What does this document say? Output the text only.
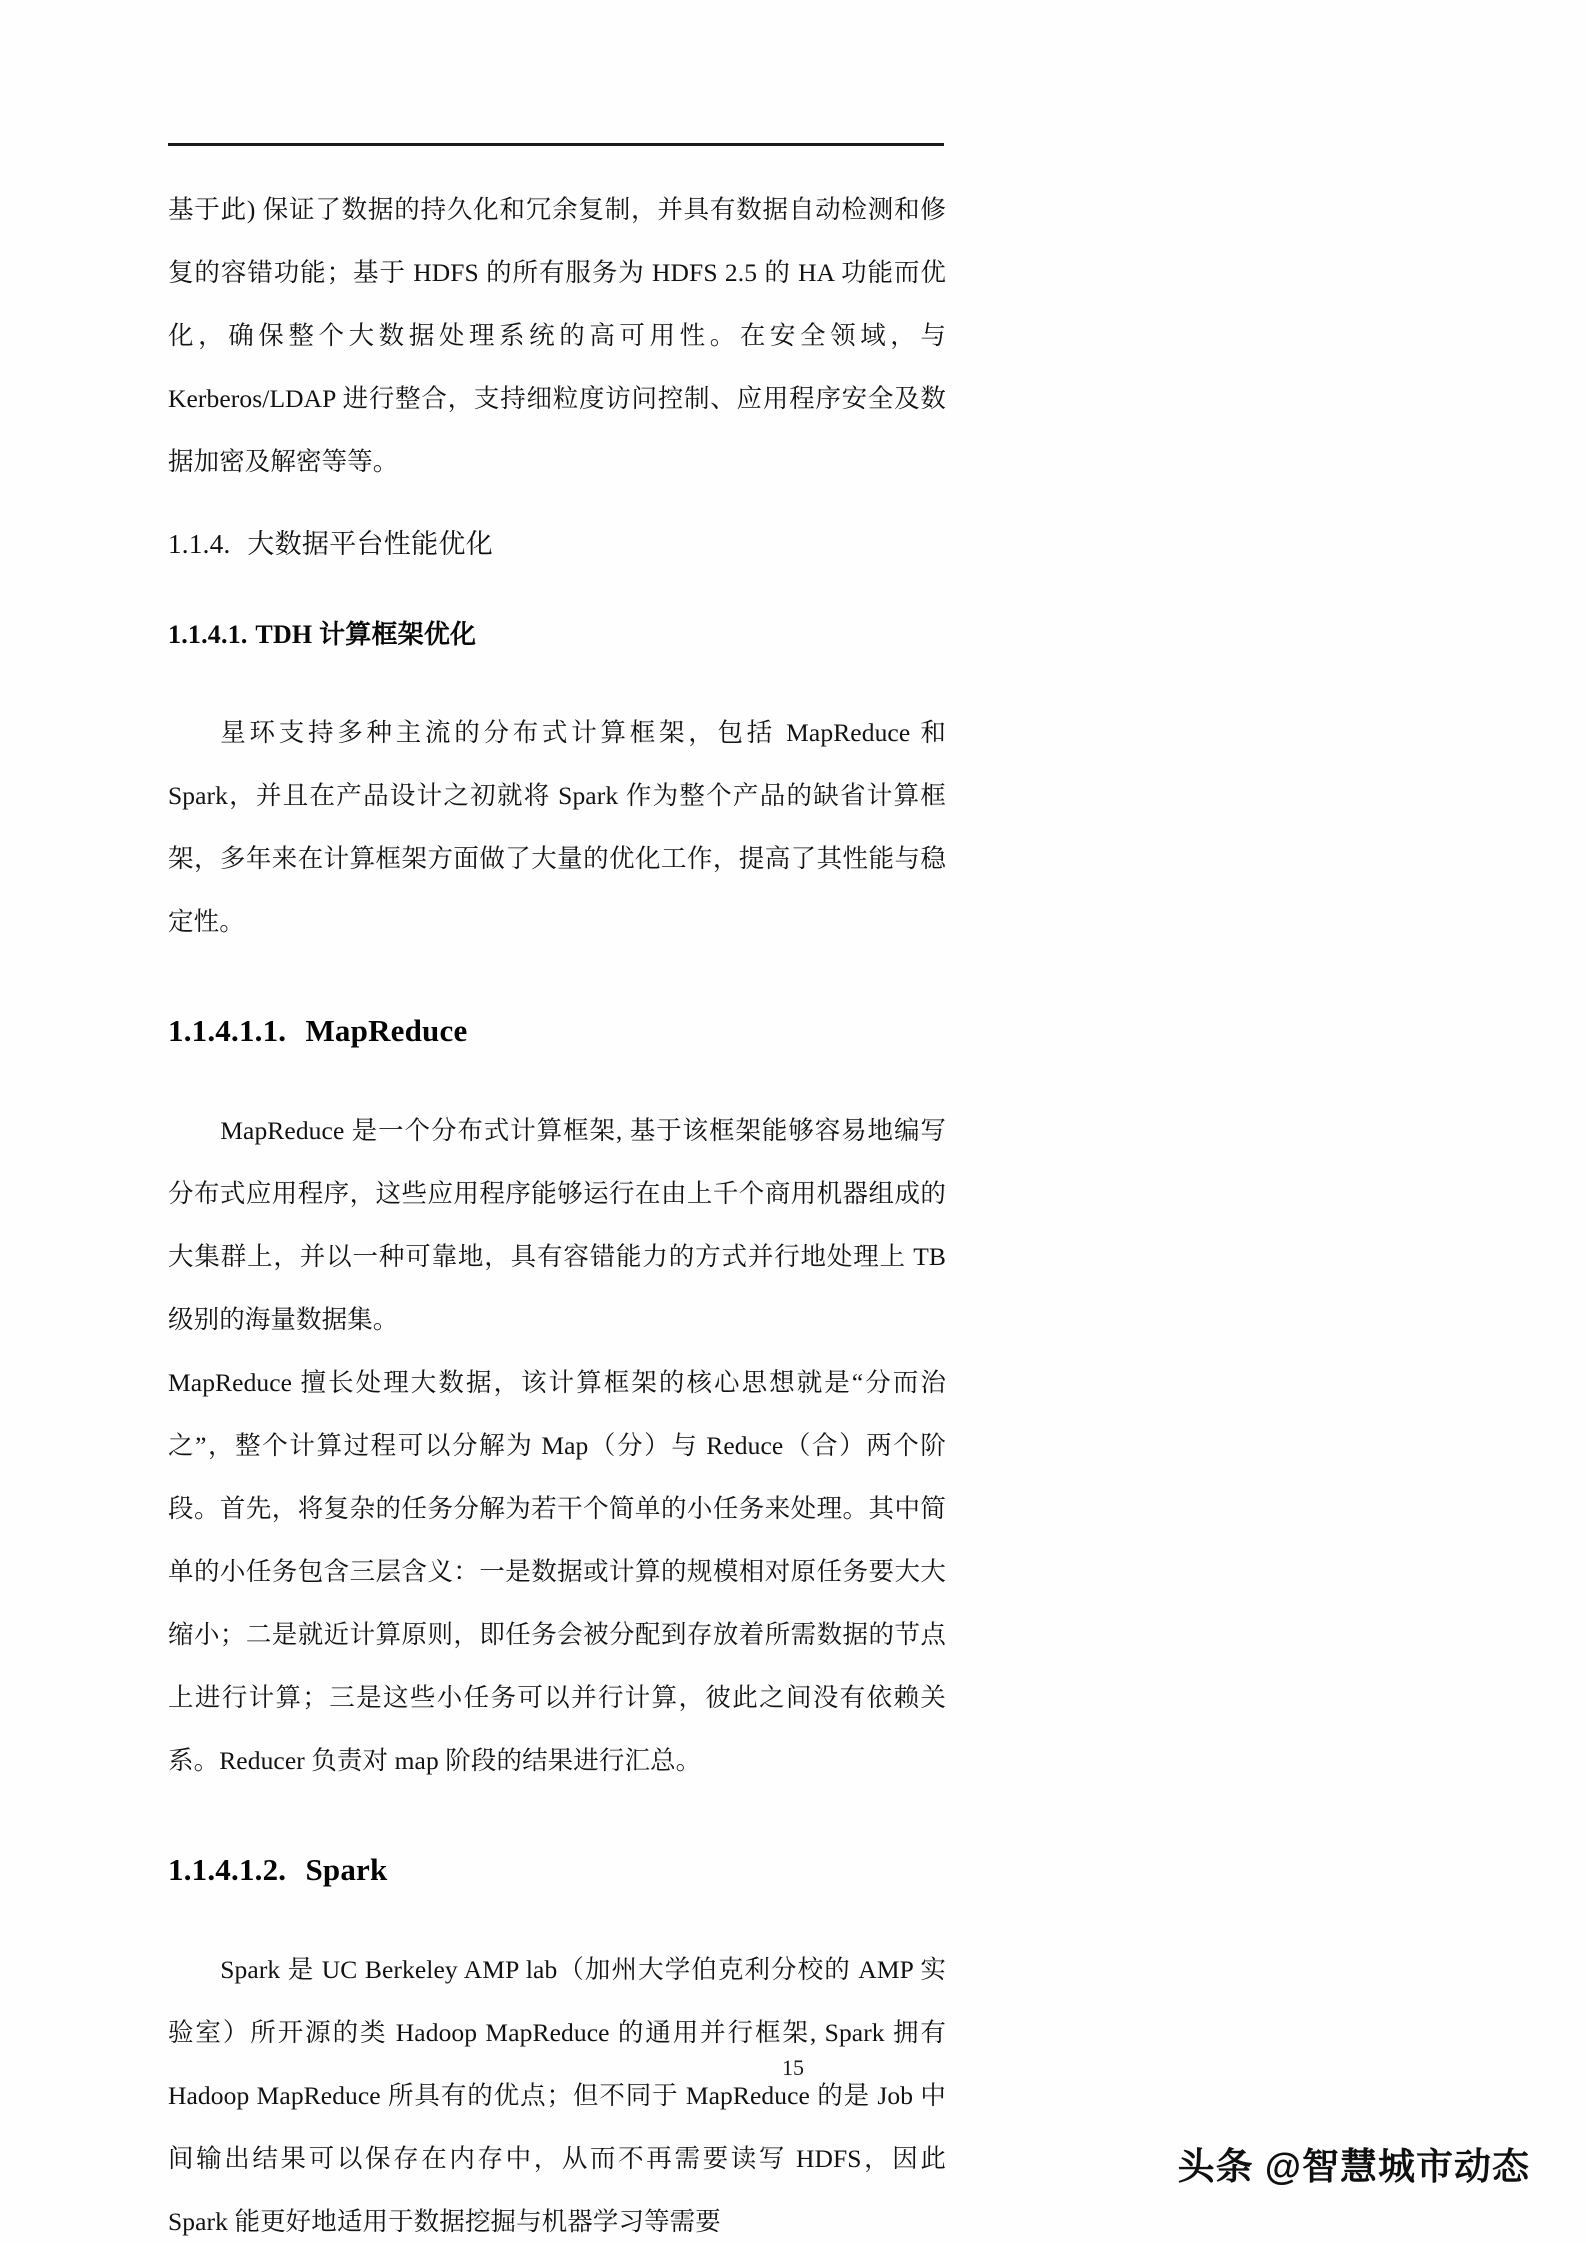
基于此) 保证了数据的持久化和冗余复制，并具有数据自动检测和修复的容错功能；基于 HDFS 的所有服务为 HDFS 2.5 的 HA 功能而优化，确保整个大数据处理系统的高可用性。在安全领域，与 Kerberos/LDAP 进行整合，支持细粒度访问控制、应用程序安全及数据加密及解密等等。

1.1.4. 大数据平台性能优化
1.1.4.1. TDH 计算框架优化

星环支持多种主流的分布式计算框架，包括 MapReduce 和 Spark，并且在产品设计之初就将 Spark 作为整个产品的缺省计算框架，多年来在计算框架方面做了大量的优化工作，提高了其性能与稳定性。

1.1.4.1.1. MapReduce

MapReduce 是一个分布式计算框架, 基于该框架能够容易地编写分布式应用程序，这些应用程序能够运行在由上千个商用机器组成的大集群上，并以一种可靠地，具有容错能力的方式并行地处理上 TB 级别的海量数据集。

MapReduce 擅长处理大数据，该计算框架的核心思想就是“分而治之”，整个计算过程可以分解为 Map（分）与 Reduce（合）两个阶段。首先，将复杂的任务分解为若干个简单的小任务来处理。其中简单的小任务包含三层含义：一是数据或计算的规模相对原任务要大大缩小；二是就近计算原则，即任务会被分配到存放着所需数据的节点上进行计算；三是这些小任务可以并行计算，彼此之间没有依赖关系。Reducer 负责对 map 阶段的结果进行汇总。

1.1.4.1.2. Spark

Spark 是 UC Berkeley AMP lab（加州大学伯克利分校的 AMP 实验室）所开源的类 Hadoop MapReduce 的通用并行框架, Spark 拥有 Hadoop MapReduce 所具有的优点；但不同于 MapReduce 的是 Job 中间输出结果可以保存在内存中，从而不再需要读写 HDFS，因此 Spark 能更好地适用于数据挖掘与机器学习等需要

15
头条 @智慧城市动态
